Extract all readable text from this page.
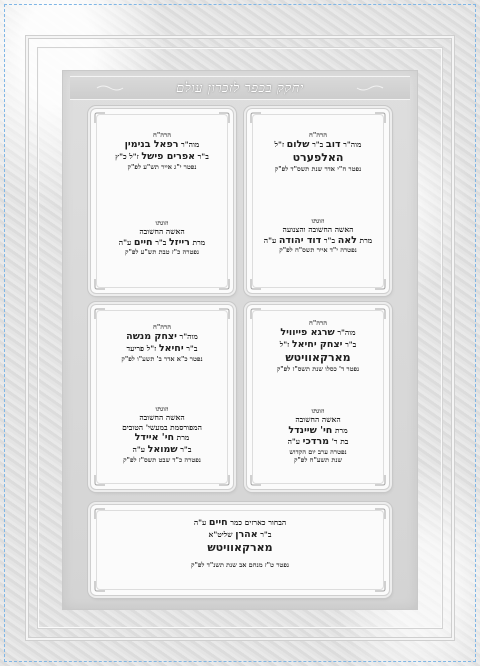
יחקק בכפר לזכרון עולם
הרה"ח
מוה"ר דוב ב"ר שלום ז"ל
האלפערט
נפטר ח"י אדר שנת תשס"ד לפ"ק
וזוגתו
האשה החשובה והצנועה
מרת לאה ב"ר דוד יהודה ע"ה
נפטרה י"ד אייר תשס"ח לפ"ק
הרה"ח
מוה"ר רפאל בנימין
ב"ר אפרים פישל ז"ל כ"ץ
נפטר י"ג אייר תש"ע לפ"ק
וזוגתו
האשה החשובה
מרת רייזל ב"ר חיים ע"ה
נפטרה כ"ז טבת תש"ע לפ"ק
הרה"ח
מוה"ר שרגא פייוויל
ב"ר יצחק יחיאל ז"ל
מארקאוויטש
נפטר ד' כסלו שנת תשס"ז לפ"ק
וזוגתו
האשה החשובה
מרת חי' שיינדל
בת ר' מרדכי ע"ה
נפטרה ערב יום הקדוש
שנת תשע"ח לפ"ק
הרה"ח
מוה"ר יצחק מנשה
ב"ר יחיאל ז"ל פריעד
נפטר כ"א אדר ב' תשע"ו לפ"ק
וזוגתו
האשה החשובה
המפורסמת במעשי' הטובים
מרת חי' איידל
ב"ר שמואל ע"ה
נפטרה כ"ד שבט תשס"ז לפ"ק
הבחור כארזים כמר חיים ע"ה
ב"ר אהרן שליט"א
מארקאוויטש
נפטר ט"ז מנחם אב שנת תשנ"ד לפ"ק
